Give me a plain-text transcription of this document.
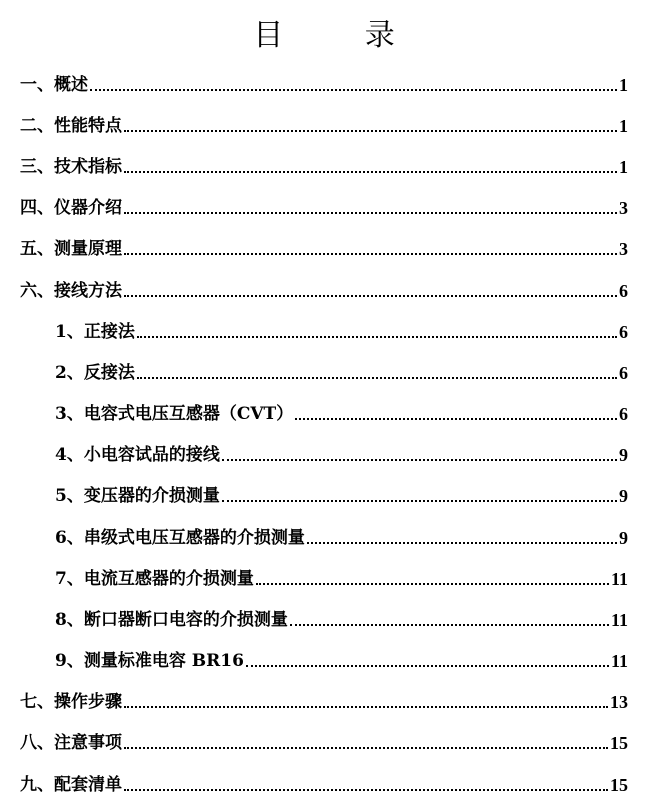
目 录
一、概述	1
二、性能特点	1
三、技术指标	1
四、仪器介绍	3
五、测量原理	3
六、接线方法	6
1、正接法	6
2、反接法	6
3、电容式电压互感器（CVT）	6
4、小电容试品的接线	9
5、变压器的介损测量	9
6、串级式电压互感器的介损测量	9
7、电流互感器的介损测量	11
8、断口器断口电容的介损测量	11
9、测量标准电容 BR16	11
七、操作步骤	13
八、注意事项	15
九、配套清单	15
